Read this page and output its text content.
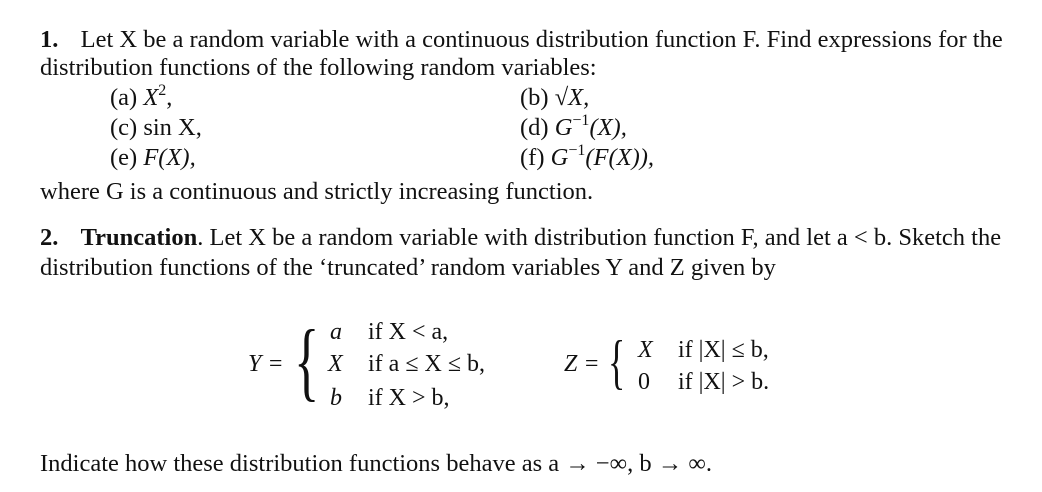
1. Let X be a random variable with a continuous distribution function F. Find expressions for the
distribution functions of the following random variables:
(a) $X^2$,	(b) √X,
(c) sin X,	(d) $G^{-1}(X)$,
(e) F(X),	(f) $G^{-1}(F(X))$,
where G is a continuous and strictly increasing function.
2. Truncation. Let X be a random variable with distribution function F, and let a < b. Sketch the
distribution functions of the ‘truncated’ random variables Y and Z given by
Y = { a if X < a,
X if a ≤ X ≤ b,
b if X > b,
Z = { X if |X| ≤ b,
0 if |X| > b.
Indicate how these distribution functions behave as a → −∞, b → ∞.
